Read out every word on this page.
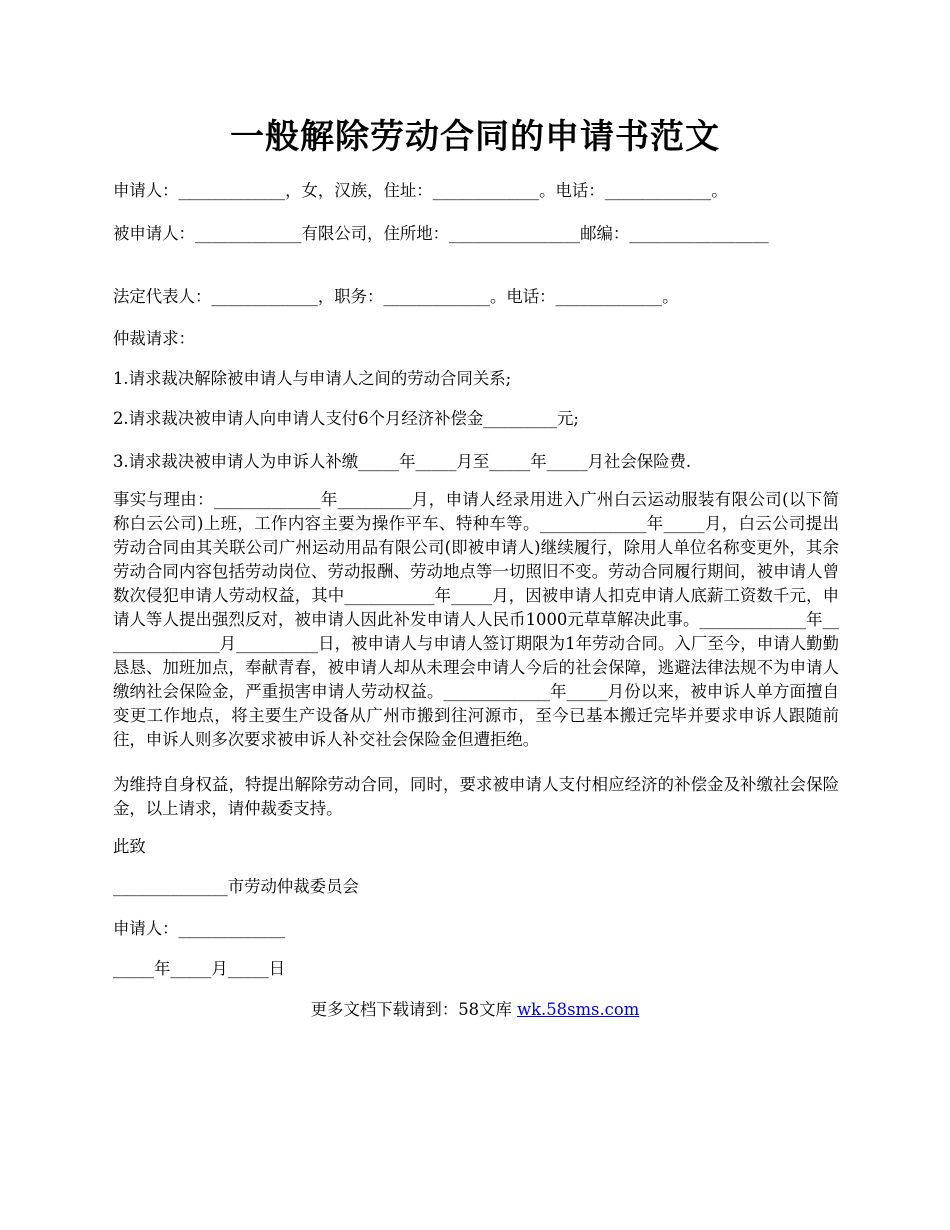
一般解除劳动合同的申请书范文

申请人：_____________，女，汉族，住址：_____________。电话：_____________。

被申请人：_____________有限公司，住所地：________________邮编：_________________

法定代表人：_____________，职务：_____________。电话：_____________。

仲裁请求：

1.请求裁决解除被申请人与申请人之间的劳动合同关系;

2.请求裁决被申请人向申请人支付6个月经济补偿金_________元;

3.请求裁决被申请人为申诉人补缴_____年_____月至_____年_____月社会保险费.

事实与理由：_____________年_________月，申请人经录用进入广州白云运动服装有限公司(以下简称白云公司)上班，工作内容主要为操作平车、特种车等。_____________年_____月，白云公司提出劳动合同由其关联公司广州运动用品有限公司(即被申请人)继续履行，除用人单位名称变更外，其余劳动合同内容包括劳动岗位、劳动报酬、劳动地点等一切照旧不变。劳动合同履行期间，被申请人曾数次侵犯申请人劳动权益，其中___________年_____月，因被申请人扣克申请人底薪工资数千元，申请人等人提出强烈反对，被申请人因此补发申请人人民币1000元草草解决此事。_____________年_______________月__________日，被申请人与申请人签订期限为1年劳动合同。入厂至今，申请人勤勤恳恳、加班加点，奉献青春，被申请人却从未理会申请人今后的社会保障，逃避法律法规不为申请人缴纳社会保险金，严重损害申请人劳动权益。_____________年_____月份以来，被申诉人单方面擅自变更工作地点，将主要生产设备从广州市搬到往河源市，至今已基本搬迁完毕并要求申诉人跟随前往，申诉人则多次要求被申诉人补交社会保险金但遭拒绝。

为维持自身权益，特提出解除劳动合同，同时，要求被申请人支付相应经济的补偿金及补缴社会保险金，以上请求，请仲裁委支持。

此致

______________市劳动仲裁委员会

申请人：_____________

_____年_____月_____日

更多文档下载请到：58文库 wk.58sms.com
